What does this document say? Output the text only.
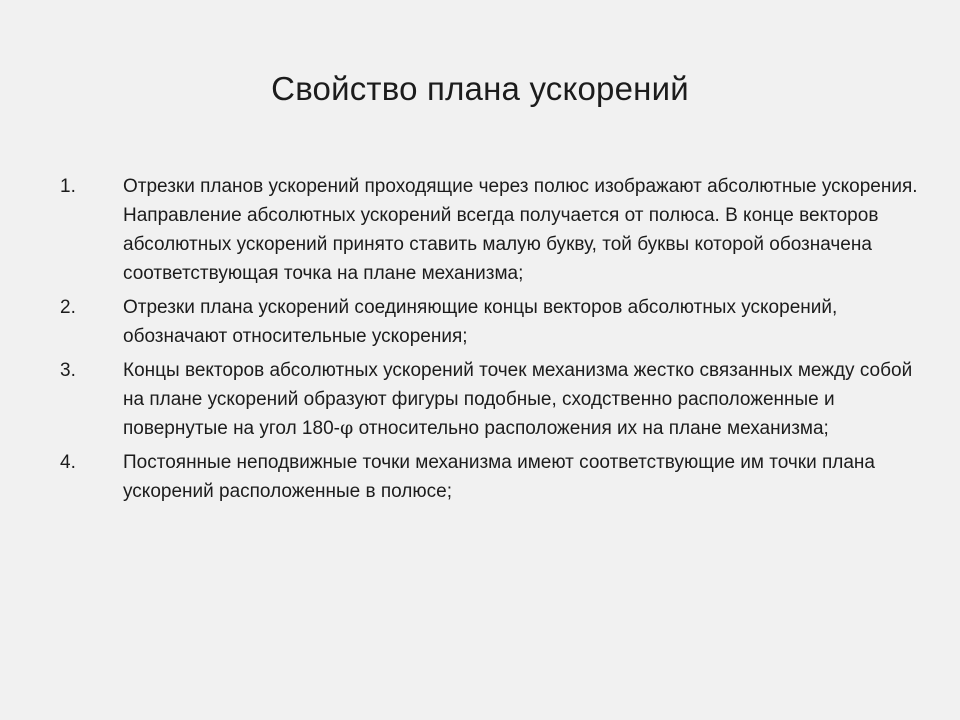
Свойство плана ускорений
1. Отрезки планов ускорений проходящие через полюс изображают абсолютные ускорения. Направление абсолютных ускорений всегда получается от полюса. В конце векторов абсолютных ускорений принято ставить малую букву, той буквы которой обозначена соответствующая точка на плане механизма;
2. Отрезки плана ускорений соединяющие концы векторов абсолютных ускорений, обозначают относительные ускорения;
3. Концы векторов абсолютных ускорений точек механизма жестко связанных между собой на плане ускорений образуют фигуры подобные, сходственно расположенные и повернутые на угол 180-φ относительно расположения их на плане механизма;
4. Постоянные неподвижные точки механизма имеют соответствующие им точки плана ускорений расположенные в полюсе;
